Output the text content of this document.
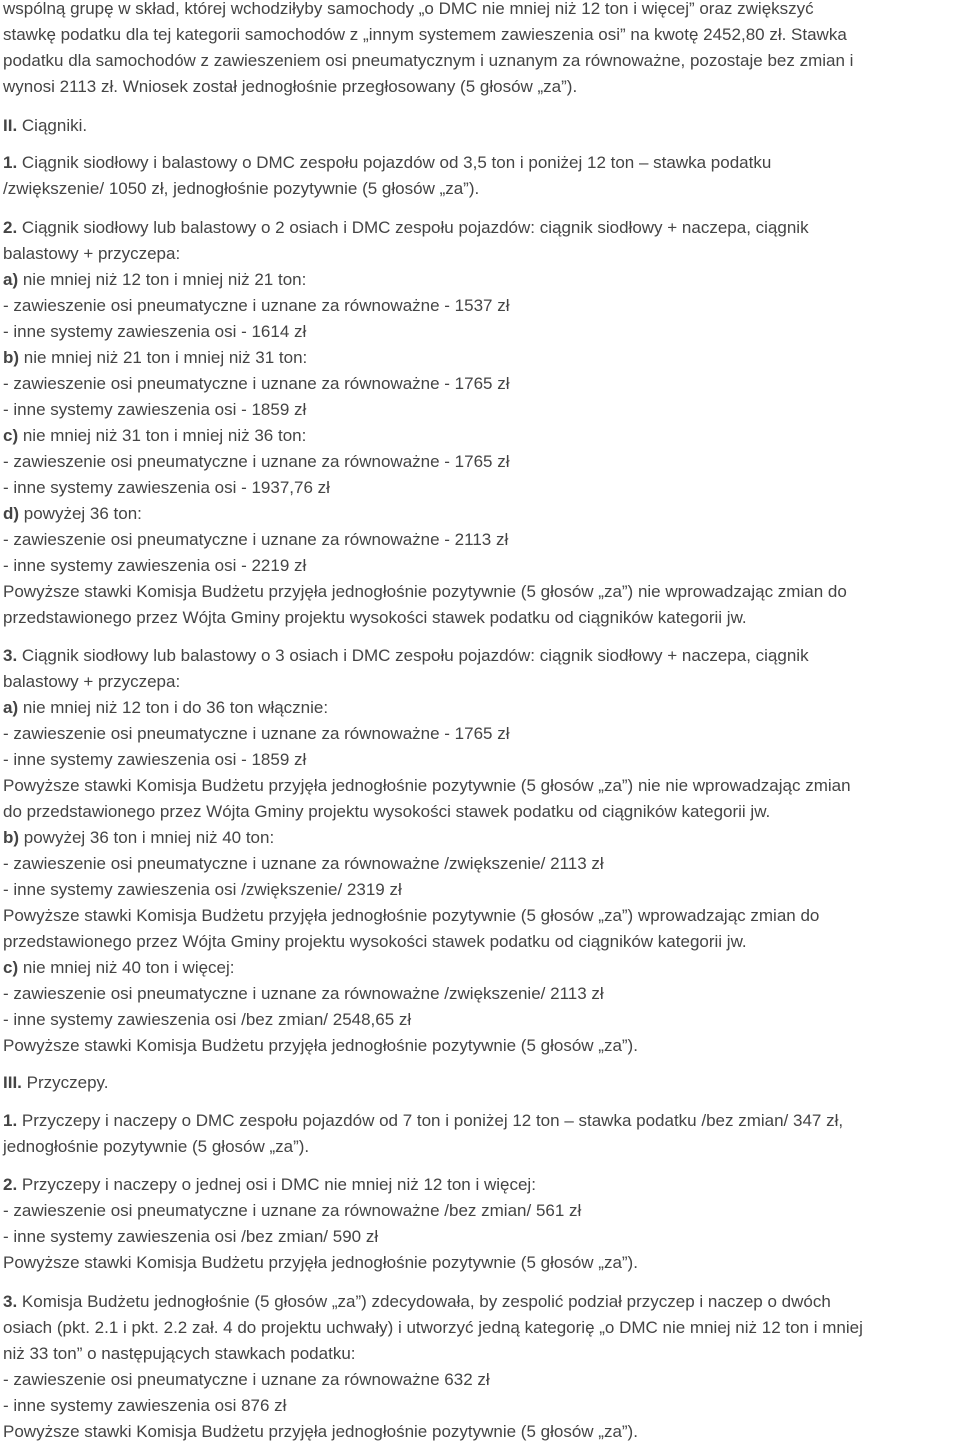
wspólną grupę w skład, której wchodziłyby samochody „o DMC nie mniej niż 12 ton i więcej” oraz zwiększyć
stawkę podatku dla tej kategorii samochodów z „innym systemem zawieszenia osi” na kwotę 2452,80 zł. Stawka
podatku dla samochodów z zawieszeniem osi pneumatycznym i uznanym za równoważne, pozostaje bez zmian i
wynosi 2113 zł. Wniosek został jednogłośnie przegłosowany (5 głosów „za”).
II. Ciągniki.
1. Ciągnik siodłowy i balastowy o DMC zespołu pojazdów od 3,5 ton i poniżej 12 ton – stawka podatku
/zwiększenie/ 1050 zł, jednogłośnie pozytywnie (5 głosów „za”).
2. Ciągnik siodłowy lub balastowy o 2 osiach i DMC zespołu pojazdów: ciągnik siodłowy + naczepa, ciągnik
balastowy + przyczepa:
a) nie mniej niż 12 ton i mniej niż 21 ton:
- zawieszenie osi pneumatyczne i uznane za równoważne - 1537 zł
- inne systemy zawieszenia osi - 1614 zł
b) nie mniej niż 21 ton i mniej niż 31 ton:
- zawieszenie osi pneumatyczne i uznane za równoważne - 1765 zł
- inne systemy zawieszenia osi - 1859 zł
c) nie mniej niż 31 ton i mniej niż 36 ton:
- zawieszenie osi pneumatyczne i uznane za równoważne - 1765 zł
- inne systemy zawieszenia osi - 1937,76 zł
d) powyżej 36 ton:
- zawieszenie osi pneumatyczne i uznane za równoważne - 2113 zł
- inne systemy zawieszenia osi - 2219 zł
Powyższe stawki Komisja Budżetu przyjęła jednogłośnie pozytywnie (5 głosów „za”) nie wprowadzając zmian do
przedstawionego przez Wójta Gminy projektu wysokości stawek podatku od ciągników kategorii jw.
3. Ciągnik siodłowy lub balastowy o 3 osiach i DMC zespołu pojazdów: ciągnik siodłowy + naczepa, ciągnik
balastowy + przyczepa:
a) nie mniej niż 12 ton i do 36 ton włącznie:
- zawieszenie osi pneumatyczne i uznane za równoważne - 1765 zł
- inne systemy zawieszenia osi - 1859 zł
Powyższe stawki Komisja Budżetu przyjęła jednogłośnie pozytywnie (5 głosów „za”) nie nie wprowadzając zmian
do przedstawionego przez Wójta Gminy projektu wysokości stawek podatku od ciągników kategorii jw.
b) powyżej 36 ton i mniej niż 40 ton:
- zawieszenie osi pneumatyczne i uznane za równoważne /zwiększenie/ 2113 zł
- inne systemy zawieszenia osi /zwiększenie/ 2319 zł
Powyższe stawki Komisja Budżetu przyjęła jednogłośnie pozytywnie (5 głosów „za”) wprowadzając zmian do
przedstawionego przez Wójta Gminy projektu wysokości stawek podatku od ciągników kategorii jw.
c) nie mniej niż 40 ton i więcej:
- zawieszenie osi pneumatyczne i uznane za równoważne /zwiększenie/ 2113 zł
- inne systemy zawieszenia osi /bez zmian/ 2548,65 zł
Powyższe stawki Komisja Budżetu przyjęła jednogłośnie pozytywnie (5 głosów „za”).
III. Przyczepy.
1. Przyczepy i naczepy o DMC zespołu pojazdów od 7 ton i poniżej 12 ton – stawka podatku /bez zmian/ 347 zł,
jednogłośnie pozytywnie (5 głosów „za”).
2. Przyczepy i naczepy o jednej osi i DMC nie mniej niż 12 ton i więcej:
- zawieszenie osi pneumatyczne i uznane za równoważne /bez zmian/ 561 zł
- inne systemy zawieszenia osi /bez zmian/ 590 zł
Powyższe stawki Komisja Budżetu przyjęła jednogłośnie pozytywnie (5 głosów „za”).
3. Komisja Budżetu jednogłośnie (5 głosów „za”) zdecydowała, by zespolić podział przyczep i naczep o dwóch
osiach (pkt. 2.1 i pkt. 2.2 zał. 4 do projektu uchwały) i utworzyć jedną kategorię „o DMC nie mniej niż 12 ton i mniej
niż 33 ton” o następujących stawkach podatku:
- zawieszenie osi pneumatyczne i uznane za równoważne 632 zł
- inne systemy zawieszenia osi 876 zł
Powyższe stawki Komisja Budżetu przyjęła jednogłośnie pozytywnie (5 głosów „za”).
